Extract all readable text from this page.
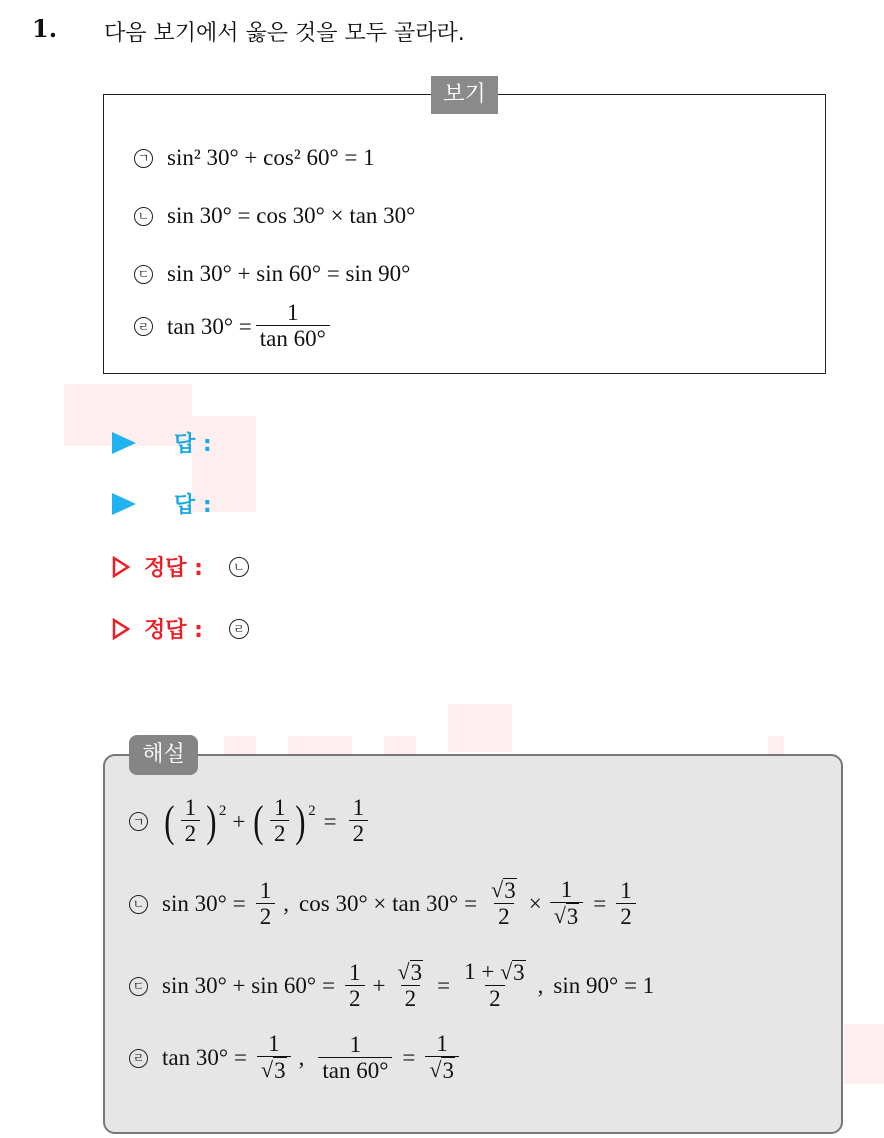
1. 다음 보기에서 옳은 것을 모두 골라라.
ㄱ sin² 30° + cos² 60° = 1
ㄴ sin 30° = cos 30° × tan 30°
ㄷ sin 30° + sin 60° = sin 90°
ㄹ $\tan 30^\circ = \frac{1}{\tan 60^\circ}$
보기
답 :
답 :
정답 :	ㄴ
정답 :	ㄹ
ㄱ ( $\frac{1}{2}$ ) 2 + ( $\frac{1}{2}$ ) $2 = \frac{1}{2}$
ㄴ $\sin 30^\circ = \frac{1}{2}$ , $\cos 30^\circ \times \tan 30^\circ = \frac{√ 3}{2} \times \frac{1}{√ 3} = \frac{1}{2}$
ㄷ $\sin 30^\circ + \sin 60^\circ = \frac{1}{2} + \frac{√ 3}{2} = \frac{1 + √ 3}{2}$ , sin 90° = 1
ㄹ $\tan 30^\circ = \frac{1}{√ 3}$ , $\frac{1}{\tan 60^\circ} = \frac{1}{√ 3}$
해설
